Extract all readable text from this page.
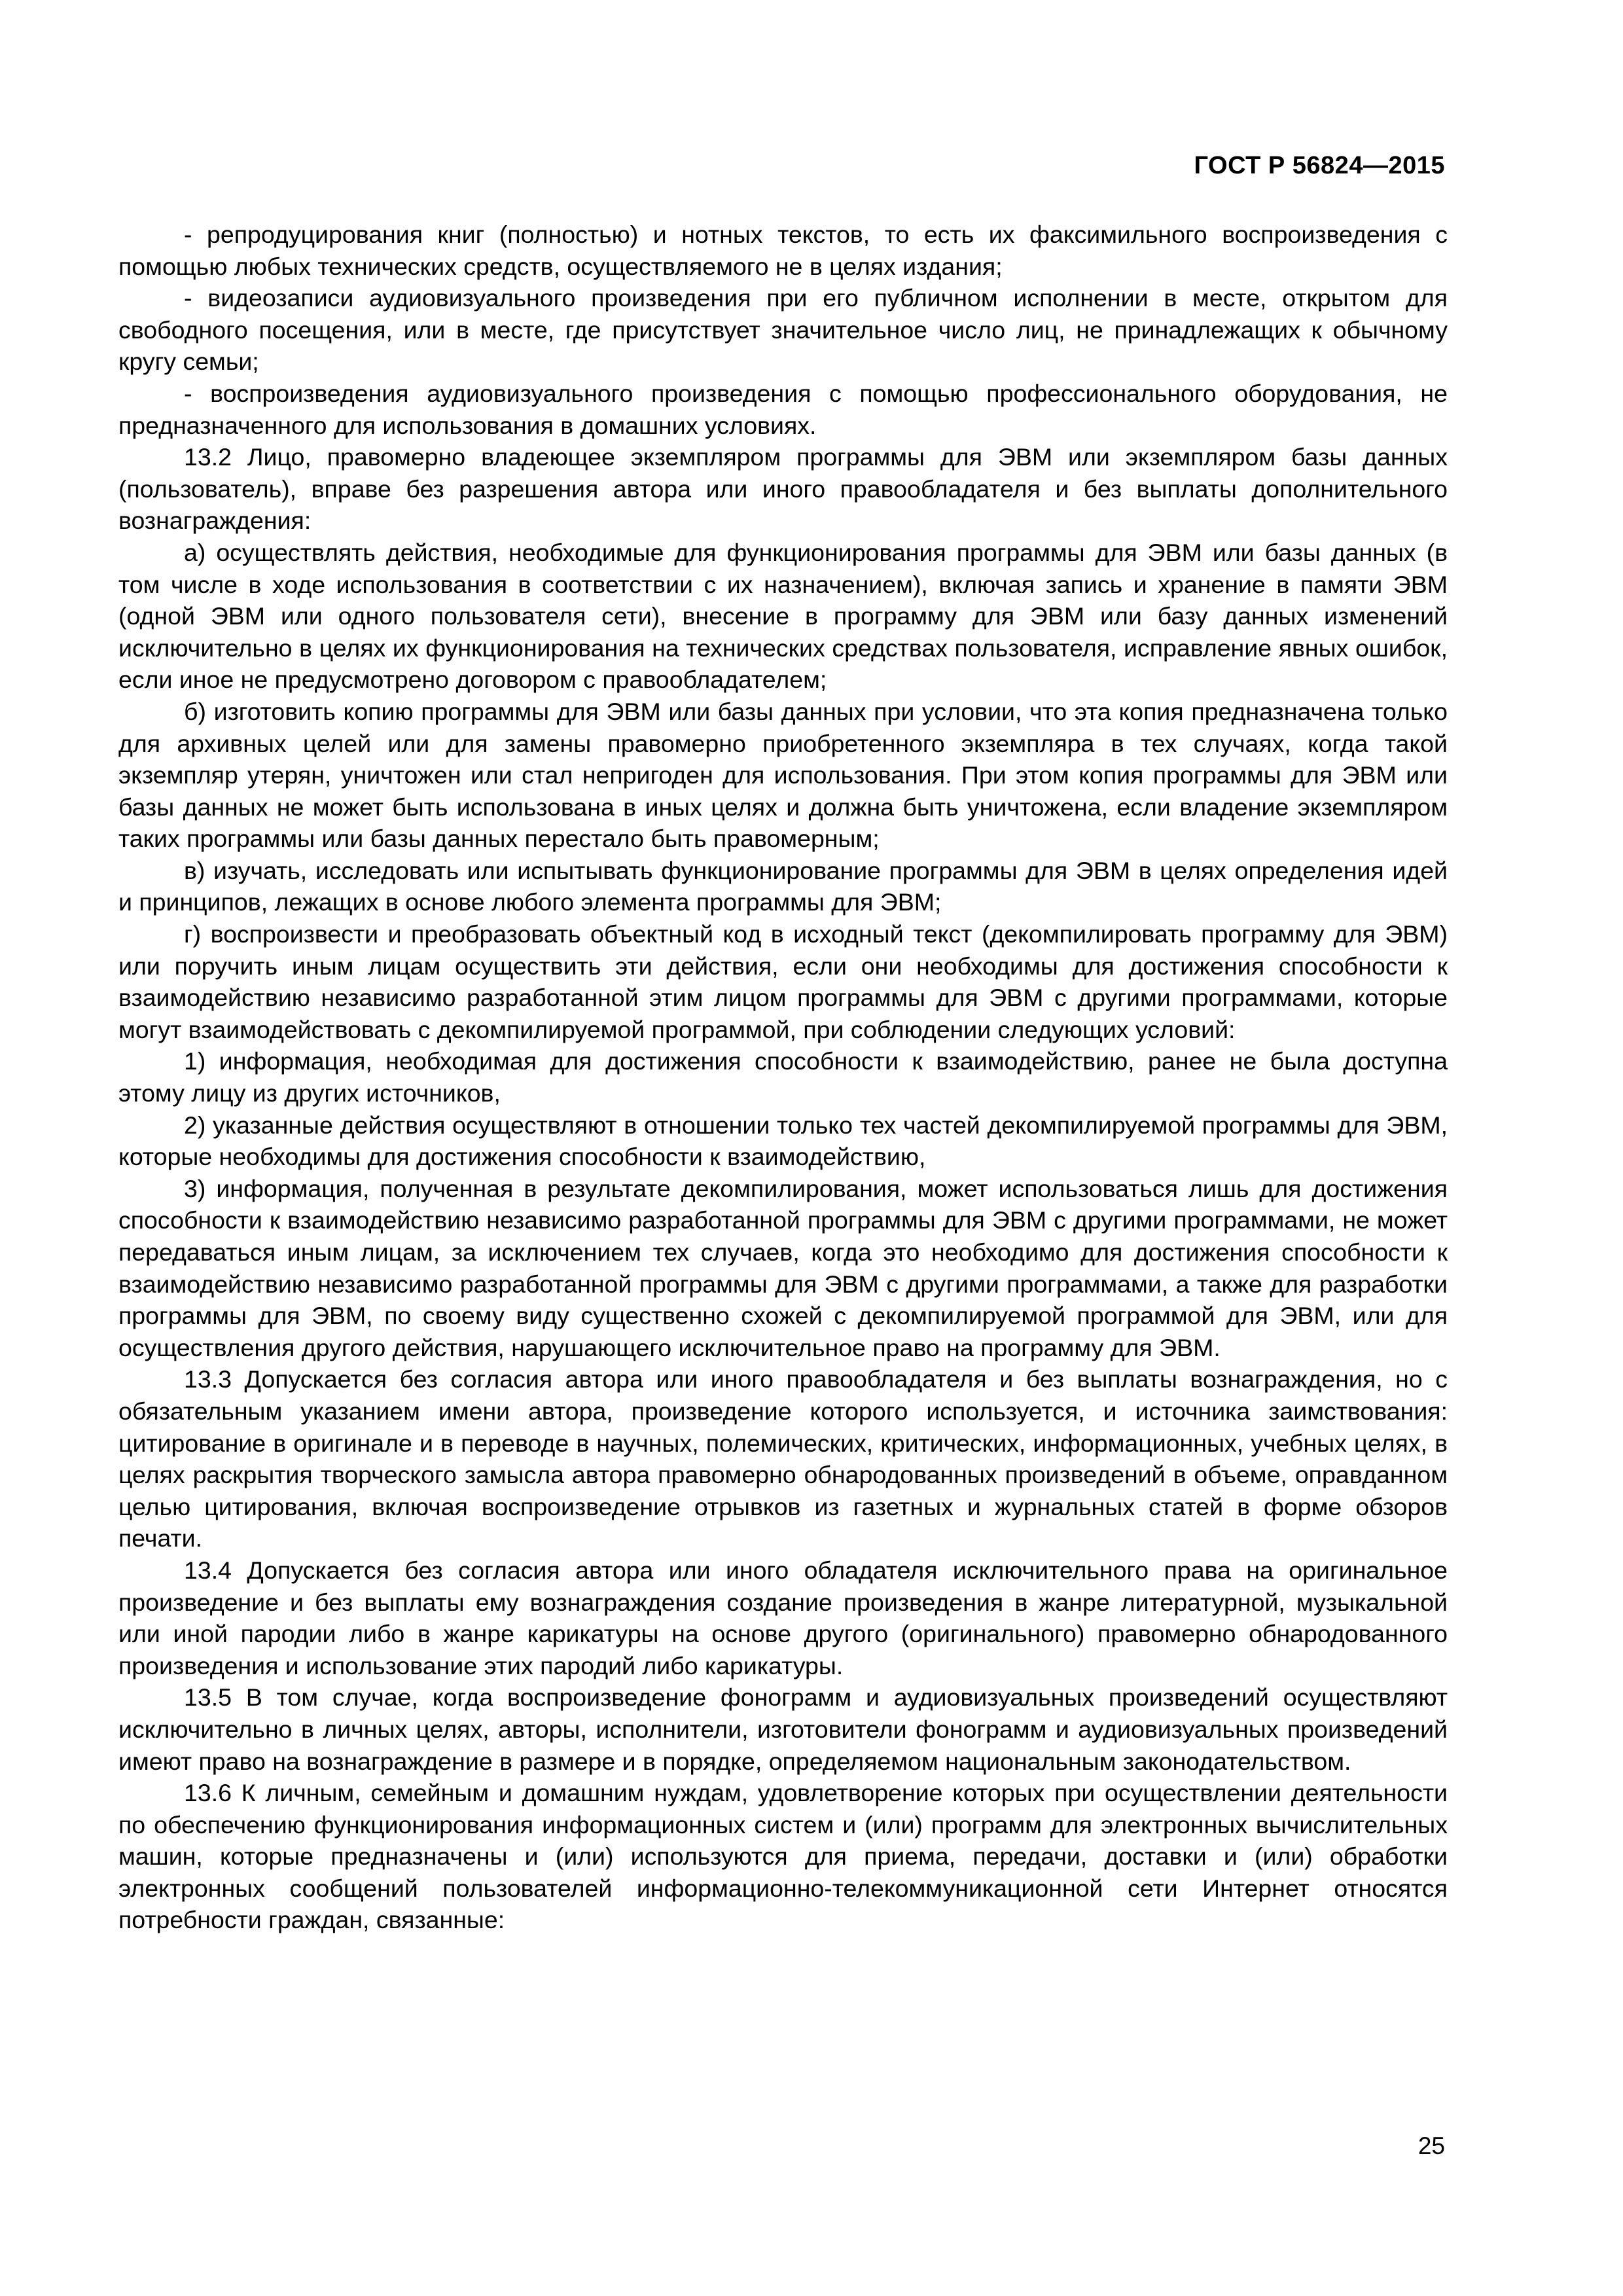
ГОСТ Р 56824—2015

- репродуцирования книг (полностью) и нотных текстов, то есть их факсимильного воспроизведения с помощью любых технических средств, осуществляемого не в целях издания;

- видеозаписи аудиовизуального произведения при его публичном исполнении в месте, открытом для свободного посещения, или в месте, где присутствует значительное число лиц, не принадлежащих к обычному кругу семьи;

- воспроизведения аудиовизуального произведения с помощью профессионального оборудования, не предназначенного для использования в домашних условиях.

13.2 Лицо, правомерно владеющее экземпляром программы для ЭВМ или экземпляром базы данных (пользователь), вправе без разрешения автора или иного правообладателя и без выплаты дополнительного вознаграждения:

а) осуществлять действия, необходимые для функционирования программы для ЭВМ или базы данных (в том числе в ходе использования в соответствии с их назначением), включая запись и хранение в памяти ЭВМ (одной ЭВМ или одного пользователя сети), внесение в программу для ЭВМ или базу данных изменений исключительно в целях их функционирования на технических средствах пользователя, исправление явных ошибок, если иное не предусмотрено договором с правообладателем;

б) изготовить копию программы для ЭВМ или базы данных при условии, что эта копия предназначена только для архивных целей или для замены правомерно приобретенного экземпляра в тех случаях, когда такой экземпляр утерян, уничтожен или стал непригоден для использования. При этом копия программы для ЭВМ или базы данных не может быть использована в иных целях и должна быть уничтожена, если владение экземпляром таких программы или базы данных перестало быть правомерным;

в) изучать, исследовать или испытывать функционирование программы для ЭВМ в целях определения идей и принципов, лежащих в основе любого элемента программы для ЭВМ;

г) воспроизвести и преобразовать объектный код в исходный текст (декомпилировать программу для ЭВМ) или поручить иным лицам осуществить эти действия, если они необходимы для достижения способности к взаимодействию независимо разработанной этим лицом программы для ЭВМ с другими программами, которые могут взаимодействовать с декомпилируемой программой, при соблюдении следующих условий:

1) информация, необходимая для достижения способности к взаимодействию, ранее не была доступна этому лицу из других источников,

2) указанные действия осуществляют в отношении только тех частей декомпилируемой программы для ЭВМ, которые необходимы для достижения способности к взаимодействию,

3) информация, полученная в результате декомпилирования, может использоваться лишь для достижения способности к взаимодействию независимо разработанной программы для ЭВМ с другими программами, не может передаваться иным лицам, за исключением тех случаев, когда это необходимо для достижения способности к взаимодействию независимо разработанной программы для ЭВМ с другими программами, а также для разработки программы для ЭВМ, по своему виду существенно схожей с декомпилируемой программой для ЭВМ, или для осуществления другого действия, нарушающего исключительное право на программу для ЭВМ.

13.3 Допускается без согласия автора или иного правообладателя и без выплаты вознаграждения, но с обязательным указанием имени автора, произведение которого используется, и источника заимствования: цитирование в оригинале и в переводе в научных, полемических, критических, информационных, учебных целях, в целях раскрытия творческого замысла автора правомерно обнародованных произведений в объеме, оправданном целью цитирования, включая воспроизведение отрывков из газетных и журнальных статей в форме обзоров печати.

13.4 Допускается без согласия автора или иного обладателя исключительного права на оригинальное произведение и без выплаты ему вознаграждения создание произведения в жанре литературной, музыкальной или иной пародии либо в жанре карикатуры на основе другого (оригинального) правомерно обнародованного произведения и использование этих пародий либо карикатуры.

13.5 В том случае, когда воспроизведение фонограмм и аудиовизуальных произведений осуществляют исключительно в личных целях, авторы, исполнители, изготовители фонограмм и аудиовизуальных произведений имеют право на вознаграждение в размере и в порядке, определяемом национальным законодательством.

13.6 К личным, семейным и домашним нуждам, удовлетворение которых при осуществлении деятельности по обеспечению функционирования информационных систем и (или) программ для электронных вычислительных машин, которые предназначены и (или) используются для приема, передачи, доставки и (или) обработки электронных сообщений пользователей информационно-телекоммуникационной сети Интернет относятся потребности граждан, связанные:

25
